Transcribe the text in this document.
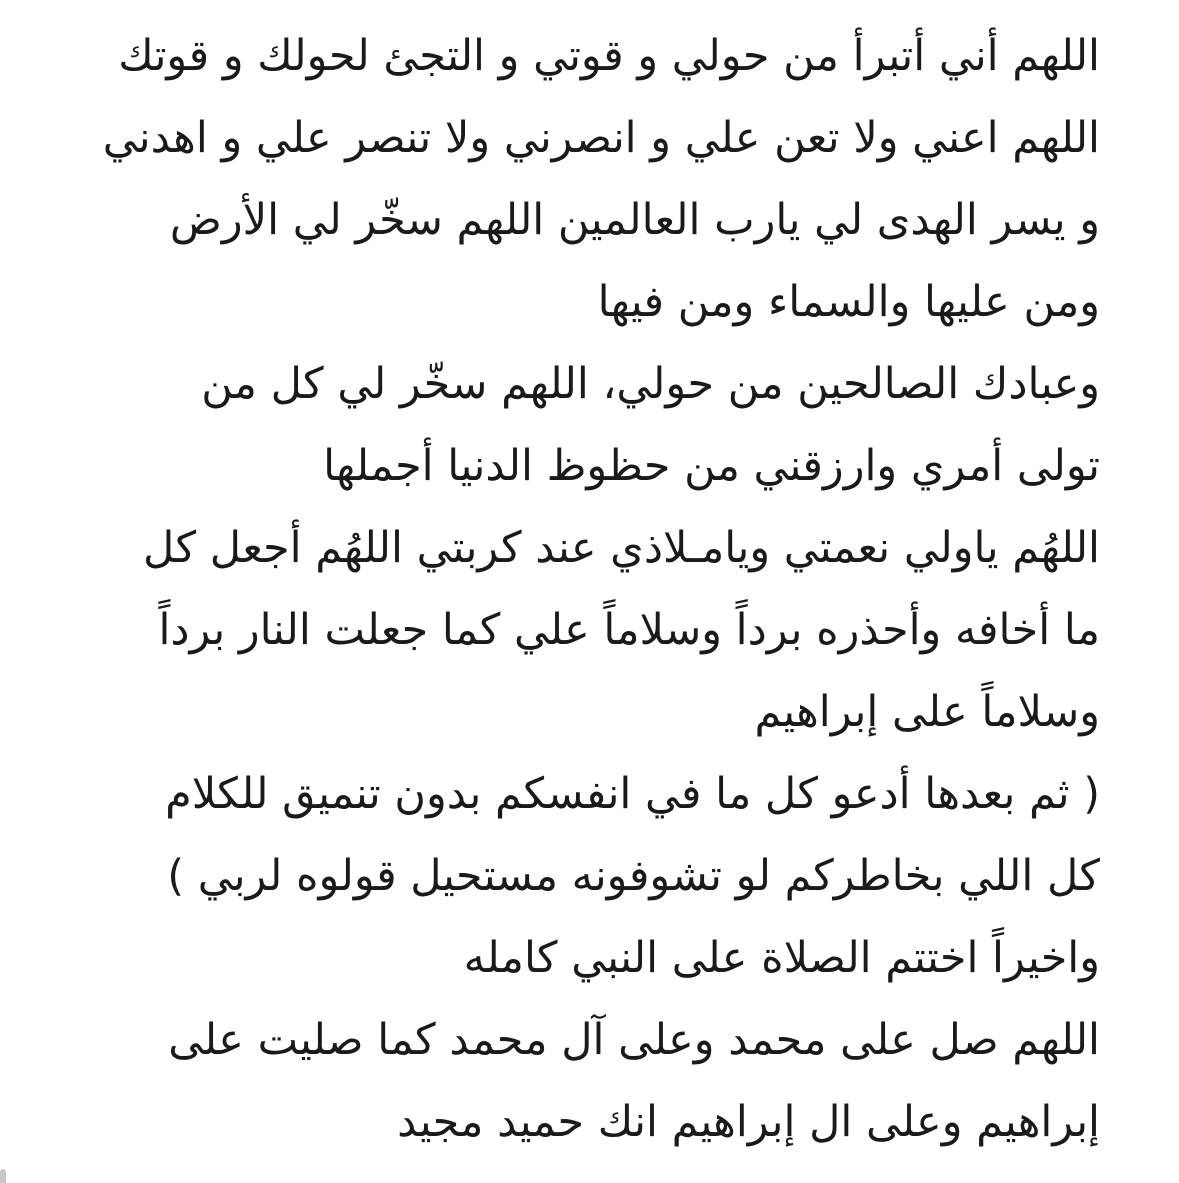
اللهم أني أتبرأ من حولي و قوتي و التجئ لحولك و قوتك
اللهم اعني ولا تعن علي و انصرني ولا تنصر علي و اهدني
و يسر الهدى لي يارب العالمين اللهم سخّر لي الأرض
ومن عليها والسماء ومن فيها
وعبادك الصالحين من حولي، اللهم سخّر لي كل من
تولى أمري وارزقني من حظوظ الدنيا أجملها
اللهُم ياولي نعمتي ويامـلاذي عند كربتي اللهُم أجعل كل
ما أخافه وأحذره برداً وسلاماً علي كما جعلت النار برداً
وسلاماً على إبراهيم
( ثم بعدها أدعو كل ما في انفسكم بدون تنميق للكلام
كل اللي بخاطركم لو تشوفونه مستحيل قولوه لربي )
واخيراً اختتم الصلاة على النبي كامله
اللهم صل على محمد وعلى آل محمد كما صليت على
إبراهيم وعلى ال إبراهيم انك حميد مجيد
